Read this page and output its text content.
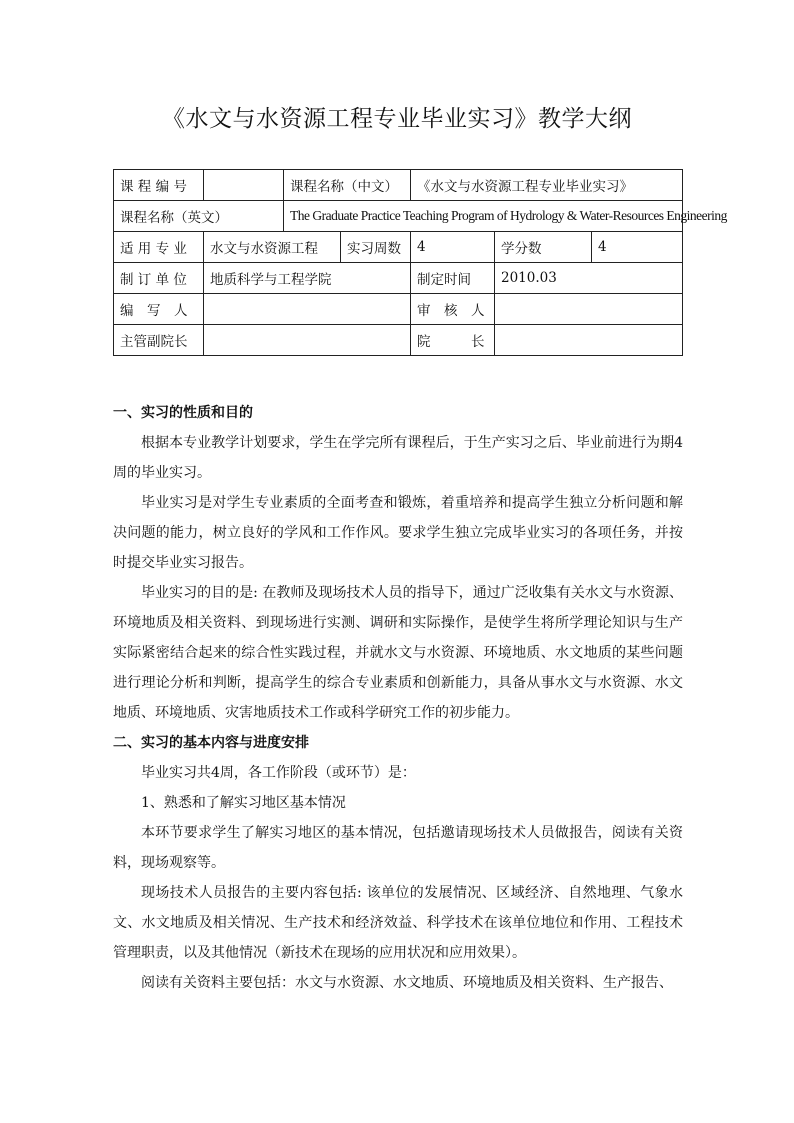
《水文与水资源工程专业毕业实习》教学大纲
课 程 编 号		课程名称（中文）		《水文与水资源工程专业毕业实习》		
课程名称（英文）		The Graduate Practice Teaching Program of Hydrology & Water-Resources Engineering				
适 用 专 业	水文与水资源工程		实习周数	4	学分数	4
制 订 单 位	地质科学与工程学院			制定时间	2010.03	
编　写　人				审　核　人		
主管副院长				院　　　长		

一、实习的性质和目的

根据本专业教学计划要求，学生在学完所有课程后，于生产实习之后、毕业前进行为期4周的毕业实习。

毕业实习是对学生专业素质的全面考查和锻炼，着重培养和提高学生独立分析问题和解决问题的能力，树立良好的学风和工作作风。要求学生独立完成毕业实习的各项任务，并按时提交毕业实习报告。

毕业实习的目的是: 在教师及现场技术人员的指导下，通过广泛收集有关水文与水资源、环境地质及相关资料、到现场进行实测、调研和实际操作，是使学生将所学理论知识与生产实际紧密结合起来的综合性实践过程，并就水文与水资源、环境地质、水文地质的某些问题进行理论分析和判断，提高学生的综合专业素质和创新能力，具备从事水文与水资源、水文地质、环境地质、灾害地质技术工作或科学研究工作的初步能力。

二、实习的基本内容与进度安排

毕业实习共4周，各工作阶段（或环节）是：

1、熟悉和了解实习地区基本情况

本环节要求学生了解实习地区的基本情况，包括邀请现场技术人员做报告，阅读有关资料，现场观察等。

现场技术人员报告的主要内容包括: 该单位的发展情况、区域经济、自然地理、气象水文、水文地质及相关情况、生产技术和经济效益、科学技术在该单位地位和作用、工程技术管理职责，以及其他情况（新技术在现场的应用状况和应用效果）。

阅读有关资料主要包括：水文与水资源、水文地质、环境地质及相关资料、生产报告、
